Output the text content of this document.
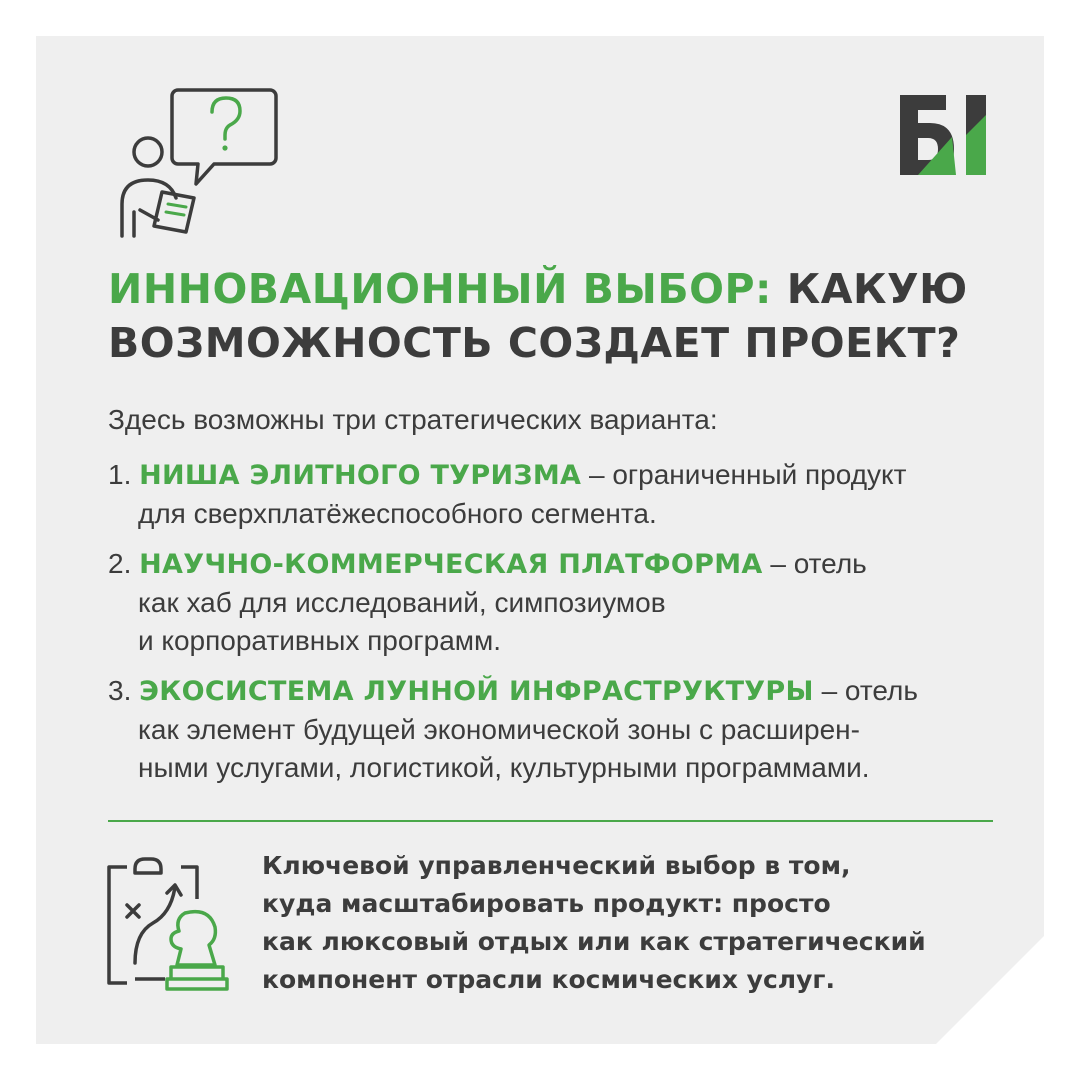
ИННОВАЦИОННЫЙ ВЫБОР: КАКУЮ
ВОЗМОЖНОСТЬ СОЗДАЕТ ПРОЕКТ?

Здесь возможны три стратегических варианта:

1. НИША ЭЛИТНОГО ТУРИЗМА – ограниченный продукт
для сверхплатёжеспособного сегмента.
2. НАУЧНО-КОММЕРЧЕСКАЯ ПЛАТФОРМА – отель
как хаб для исследований, симпозиумов
и корпоративных программ.
3. ЭКОСИСТЕМА ЛУННОЙ ИНФРАСТРУКТУРЫ – отель
как элемент будущей экономической зоны с расширен-
ными услугами, логистикой, культурными программами.

Ключевой управленческий выбор в том,
куда масштабировать продукт: просто
как люксовый отдых или как стратегический
компонент отрасли космических услуг.
